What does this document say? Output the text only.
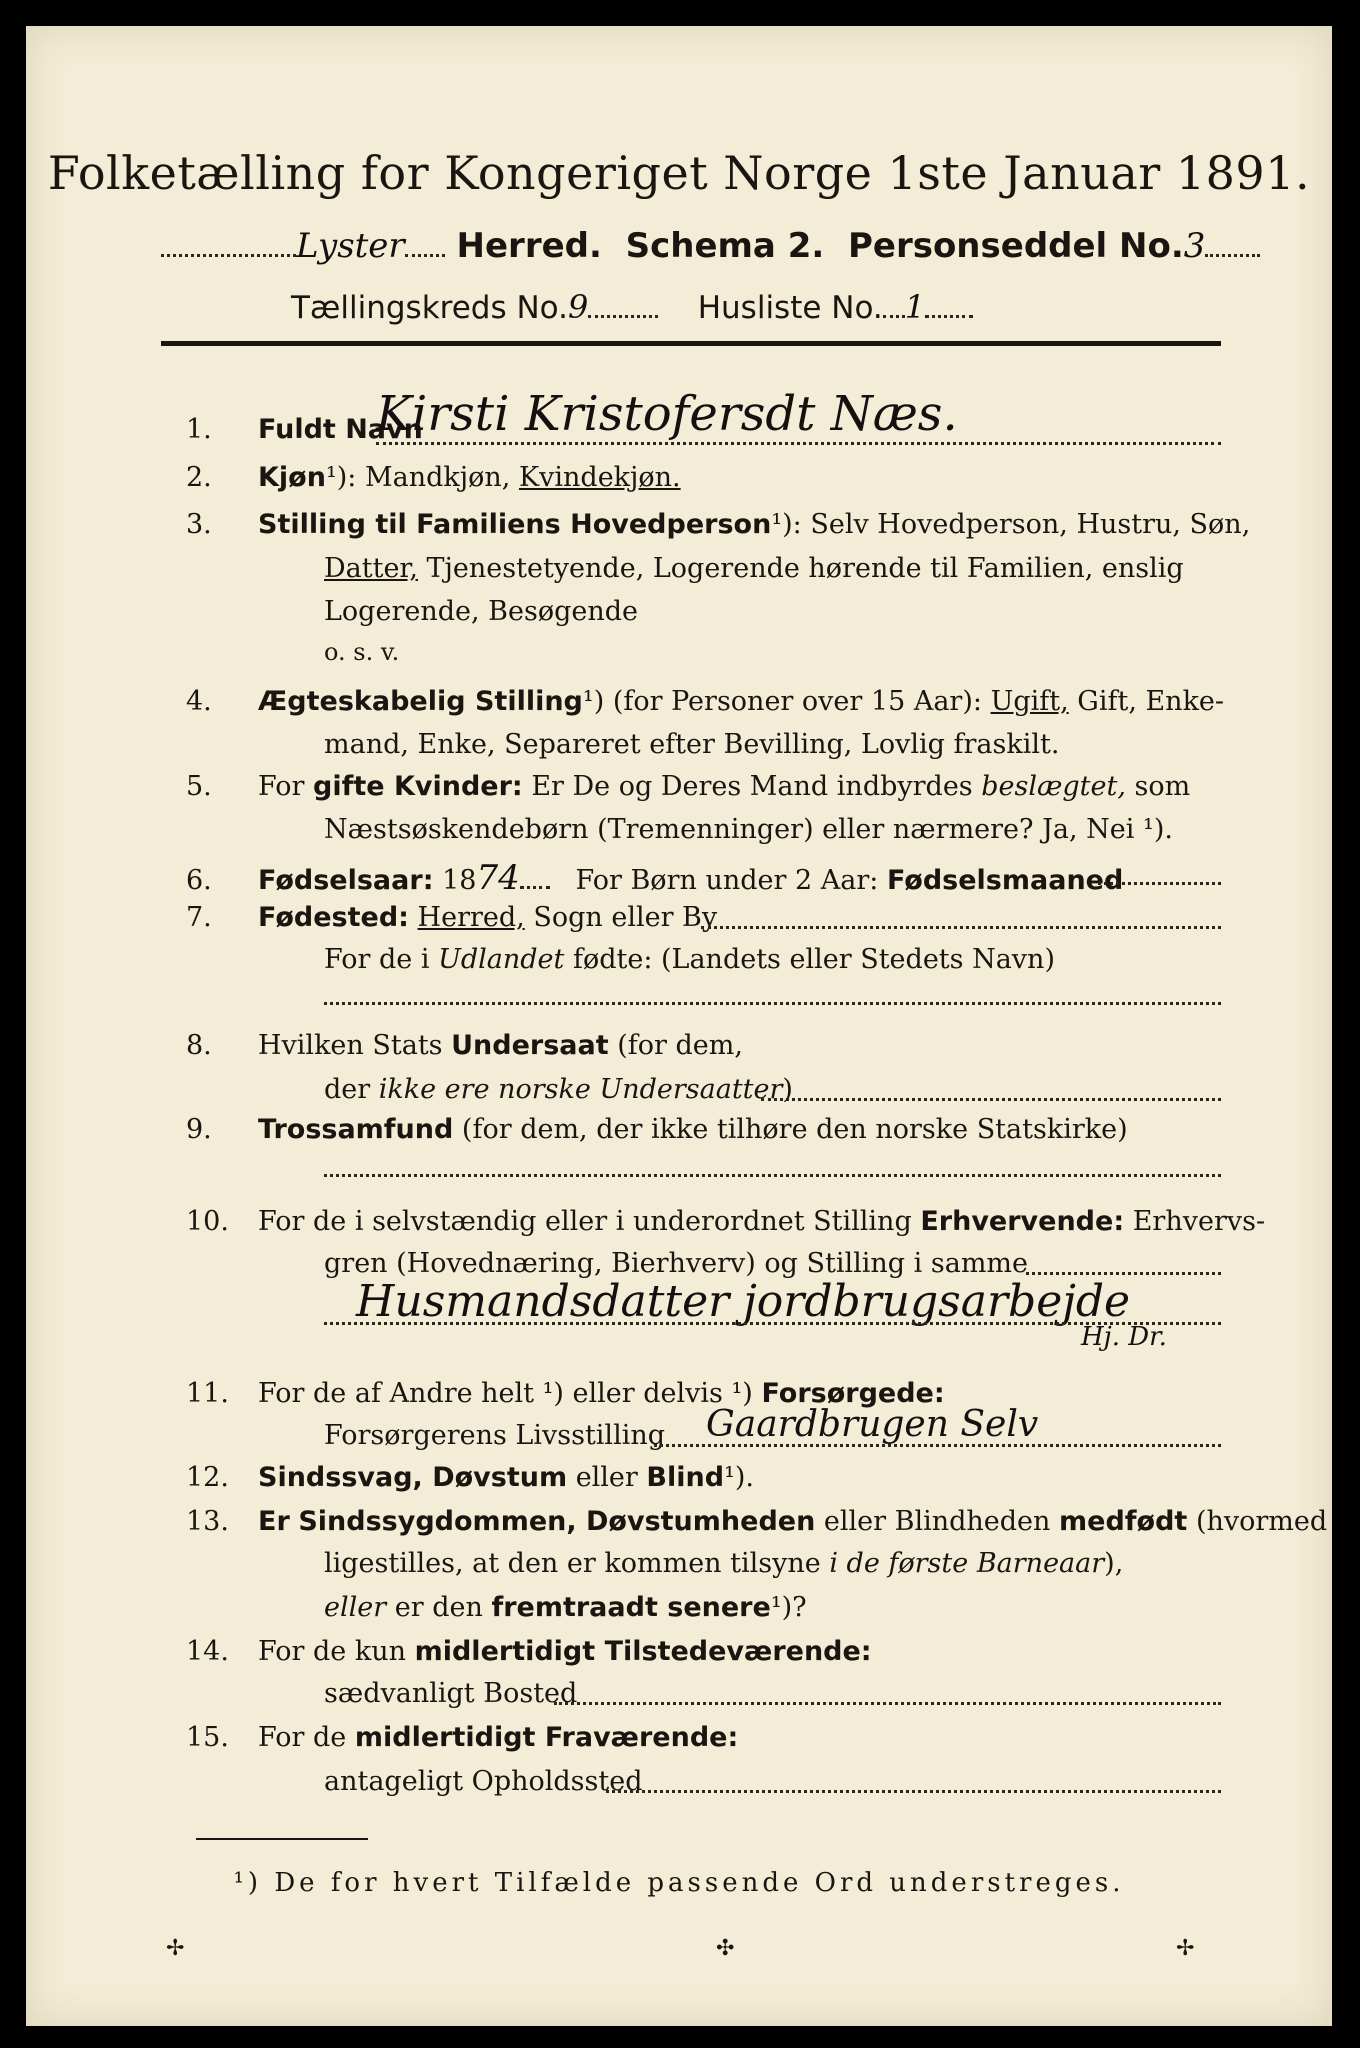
Folketælling for Kongeriget Norge 1ste Januar 1891.
Lyster Herred. Schema 2. Personseddel No.3
Tællingskreds No.9	Husliste No. 1
1. Fuldt Navn
Kirsti Kristofersdt Næs.
2. Kjøn¹): Mandkjøn, Kvindekjøn.
3. Stilling til Familiens Hovedperson¹): Selv Hovedperson, Hustru, Søn,
Datter, Tjenestetyende, Logerende hørende til Familien, enslig
Logerende, Besøgende
o. s. v.
4. Ægteskabelig Stilling¹) (for Personer over 15 Aar): Ugift, Gift, Enke-
mand, Enke, Separeret efter Bevilling, Lovlig fraskilt.
5. For gifte Kvinder: Er De og Deres Mand indbyrdes beslægtet, som
Næstsøskendebørn (Tremenninger) eller nærmere? Ja, Nei ¹).
6. Fødselsaar: 1874 For Børn under 2 Aar: Fødselsmaaned
7. Fødested: Herred, Sogn eller By
For de i Udlandet fødte: (Landets eller Stedets Navn)
8. Hvilken Stats Undersaat (for dem,
der ikke ere norske Undersaatter)
9. Trossamfund (for dem, der ikke tilhøre den norske Statskirke)
10. For de i selvstændig eller i underordnet Stilling Erhvervende: Erhvervs-
gren (Hovednæring, Bierhverv) og Stilling i samme
Husmandsdatter jordbrugsarbejde
Hj. Dr.
11. For de af Andre helt ¹) eller delvis ¹) Forsørgede:
Forsørgerens Livsstilling Gaardbrugen Selv
12. Sindssvag, Døvstum eller Blind¹).
13. Er Sindssygdommen, Døvstumheden eller Blindheden medfødt (hvormed
ligestilles, at den er kommen tilsyne i de første Barneaar),
eller er den fremtraadt senere¹)?
14. For de kun midlertidigt Tilstedeværende:
sædvanligt Bosted
15. For de midlertidigt Fraværende:
antageligt Opholdssted
¹) De for hvert Tilfælde passende Ord understreges.
✢	✣	✢
